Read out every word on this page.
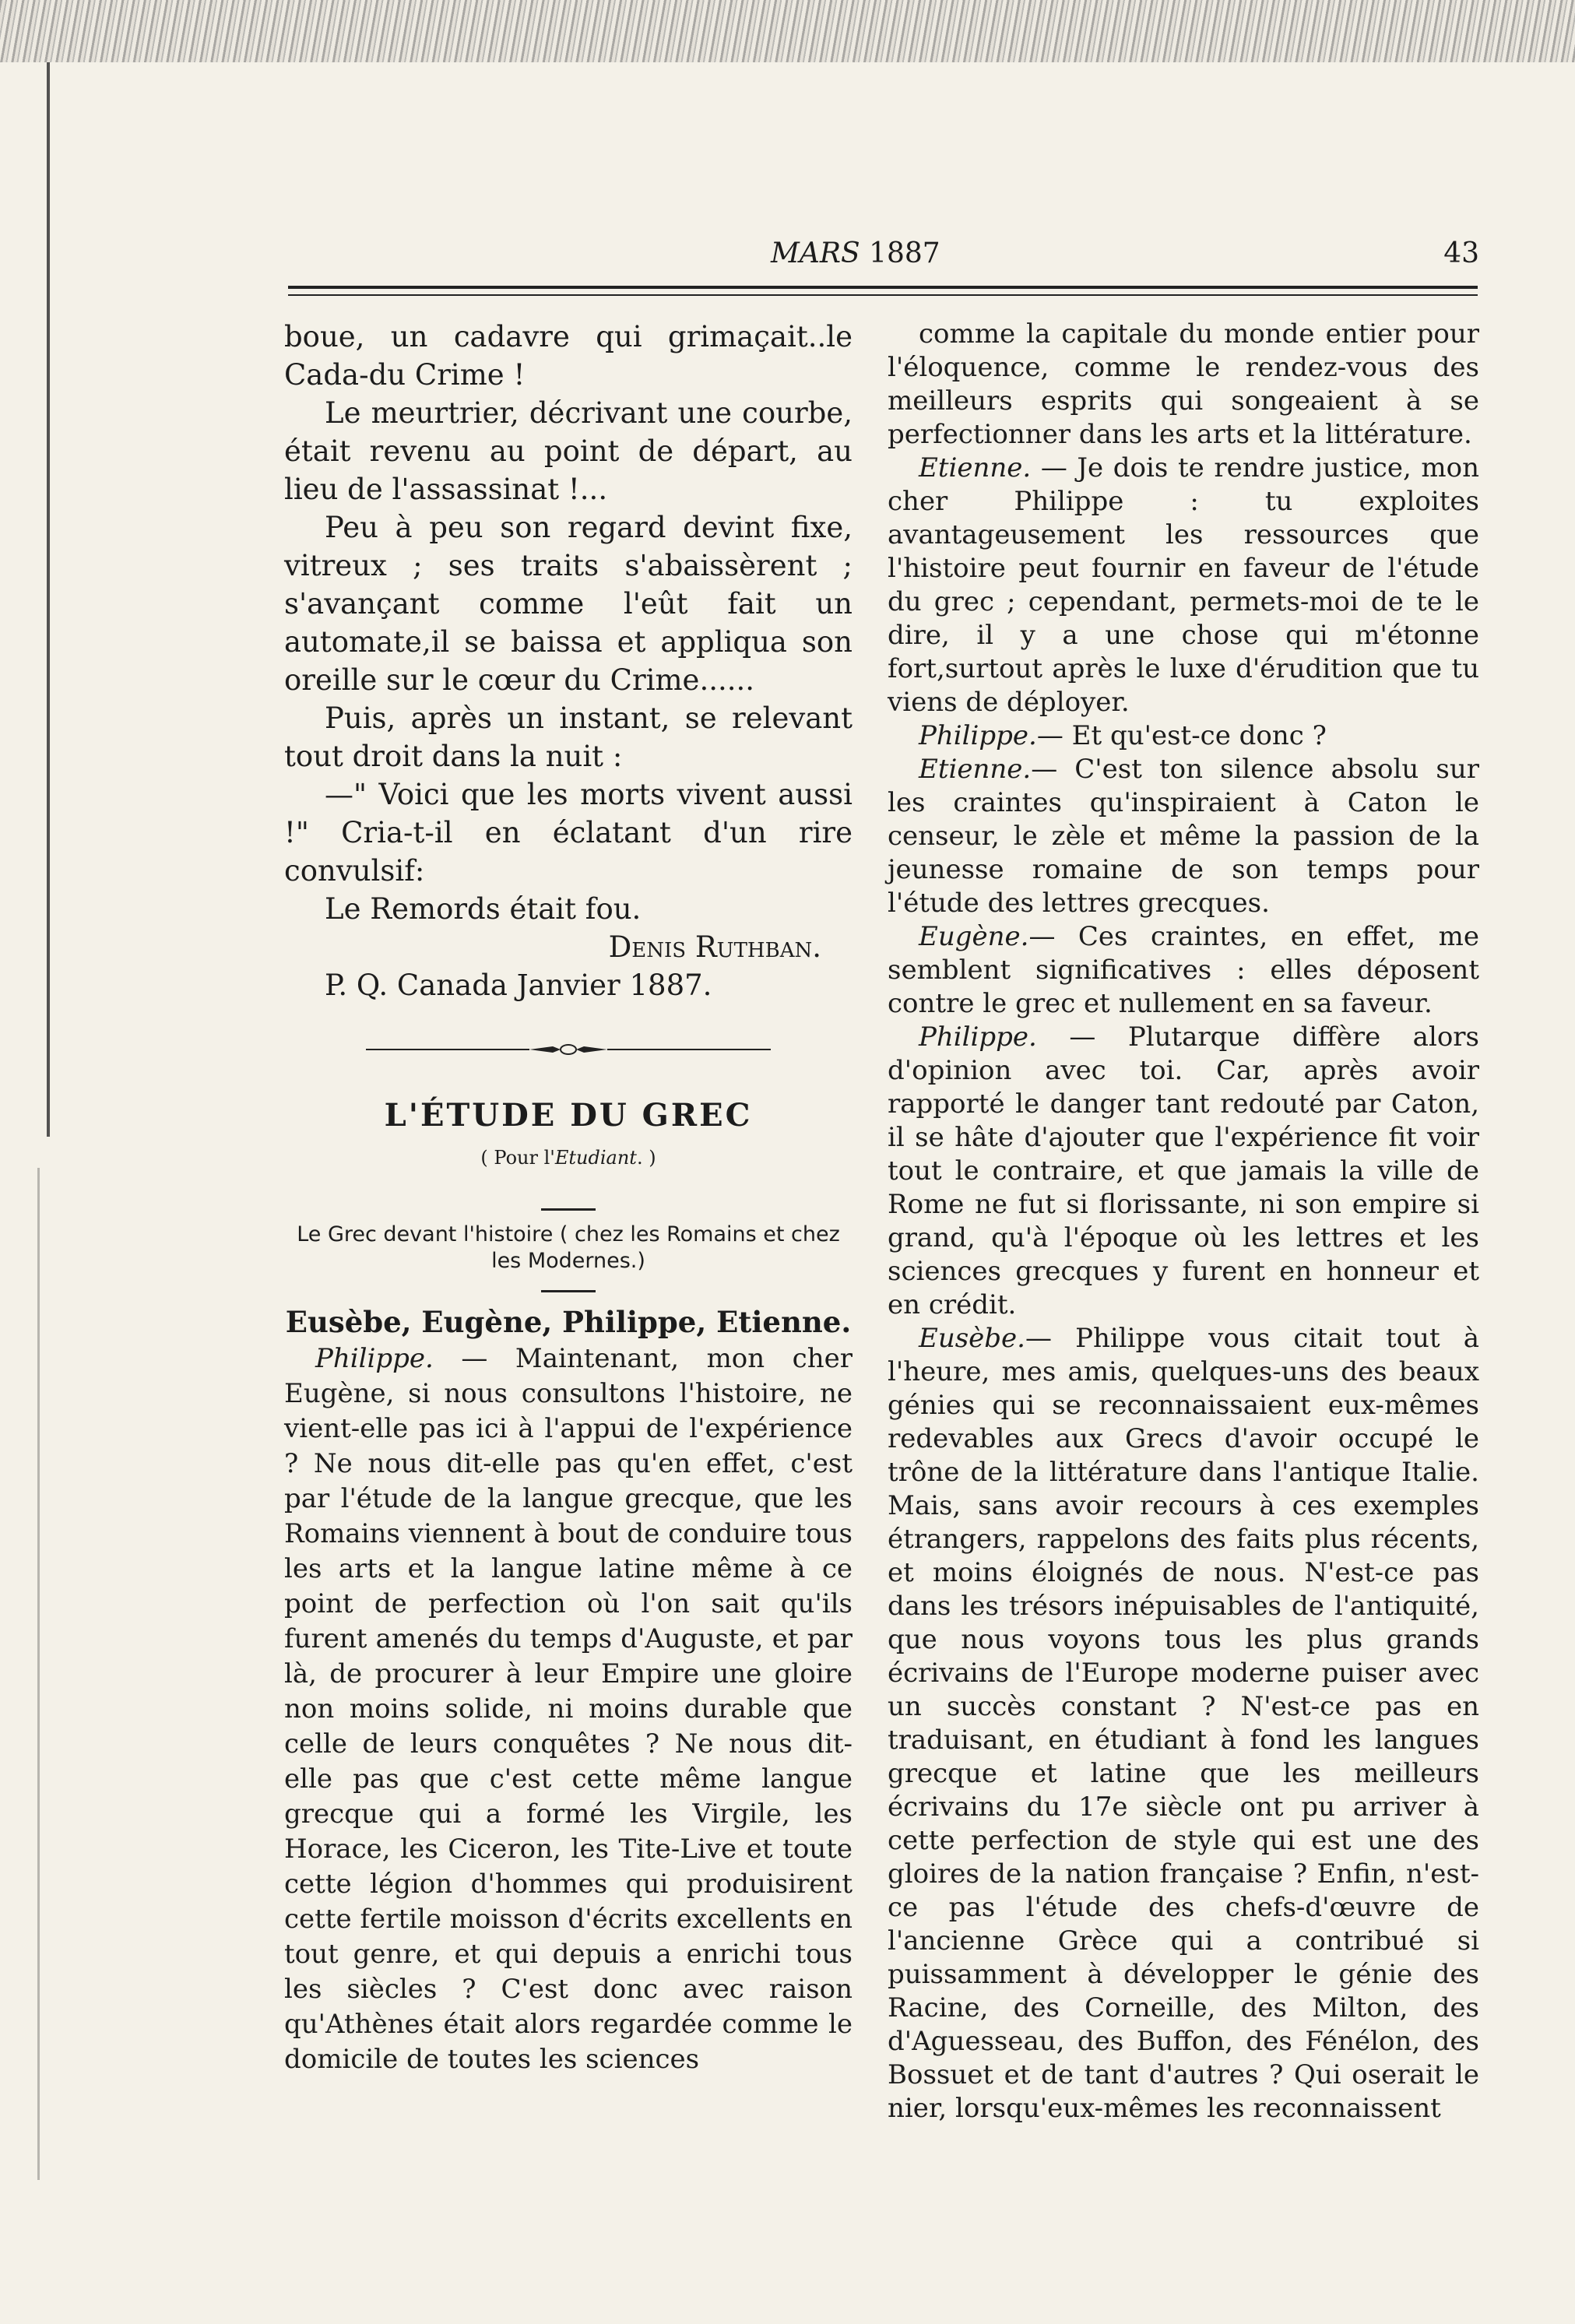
MARS 1887	43

boue, un cadavre qui grimaçait..le Cada-du Crime !

Le meurtrier, décrivant une courbe, était revenu au point de départ, au lieu de l'assassinat !...

Peu à peu son regard devint fixe, vitreux ; ses traits s'abaissèrent ; s'avançant comme l'eût fait un automate,il se baissa et appliqua son oreille sur le cœur du Crime......

Puis, après un instant, se relevant tout droit dans la nuit :

—" Voici que les morts vivent aussi !" Cria-t-il en éclatant d'un rire convulsif:

Le Remords était fou.

Denis Ruthban.

P. Q. Canada Janvier 1887.

L'ÉTUDE DU GREC

( Pour l'Etudiant. )

Le Grec devant l'histoire ( chez les Romains et chez les Modernes.)

Eusèbe, Eugène, Philippe, Etienne.

Philippe. — Maintenant, mon cher Eugène, si nous consultons l'histoire, ne vient-elle pas ici à l'appui de l'expérience ? Ne nous dit-elle pas qu'en effet, c'est par l'étude de la langue grecque, que les Romains viennent à bout de conduire tous les arts et la langue latine même à ce point de perfection où l'on sait qu'ils furent amenés du temps d'Auguste, et par là, de procurer à leur Empire une gloire non moins solide, ni moins durable que celle de leurs conquêtes ? Ne nous dit-elle pas que c'est cette même langue grecque qui a formé les Virgile, les Horace, les Ciceron, les Tite-Live et toute cette légion d'hommes qui produisirent cette fertile moisson d'écrits excellents en tout genre, et qui depuis a enrichi tous les siècles ? C'est donc avec raison qu'Athènes était alors regardée comme le domicile de toutes les sciences

comme la capitale du monde entier pour l'éloquence, comme le rendez-vous des meilleurs esprits qui songeaient à se perfectionner dans les arts et la littérature.

Etienne. — Je dois te rendre justice, mon cher Philippe : tu exploites avantageusement les ressources que l'histoire peut fournir en faveur de l'étude du grec ; cependant, permets-moi de te le dire, il y a une chose qui m'étonne fort,surtout après le luxe d'érudition que tu viens de déployer.

Philippe.— Et qu'est-ce donc ?

Etienne.— C'est ton silence absolu sur les craintes qu'inspiraient à Caton le censeur, le zèle et même la passion de la jeunesse romaine de son temps pour l'étude des lettres grecques.

Eugène.— Ces craintes, en effet, me semblent significatives : elles déposent contre le grec et nullement en sa faveur.

Philippe. — Plutarque diffère alors d'opinion avec toi. Car, après avoir rapporté le danger tant redouté par Caton, il se hâte d'ajouter que l'expérience fit voir tout le contraire, et que jamais la ville de Rome ne fut si florissante, ni son empire si grand, qu'à l'époque où les lettres et les sciences grecques y furent en honneur et en crédit.

Eusèbe.— Philippe vous citait tout à l'heure, mes amis, quelques-uns des beaux génies qui se reconnaissaient eux-mêmes redevables aux Grecs d'avoir occupé le trône de la littérature dans l'antique Italie. Mais, sans avoir recours à ces exemples étrangers, rappelons des faits plus récents, et moins éloignés de nous. N'est-ce pas dans les trésors inépuisables de l'antiquité, que nous voyons tous les plus grands écrivains de l'Europe moderne puiser avec un succès constant ? N'est-ce pas en traduisant, en étudiant à fond les langues grecque et latine que les meilleurs écrivains du 17e siècle ont pu arriver à cette perfection de style qui est une des gloires de la nation française ? Enfin, n'est-ce pas l'étude des chefs-d'œuvre de l'ancienne Grèce qui a contribué si puissamment à développer le génie des Racine, des Corneille, des Milton, des d'Aguesseau, des Buffon, des Fénélon, des Bossuet et de tant d'autres ? Qui oserait le nier, lorsqu'eux-mêmes les reconnaissent
